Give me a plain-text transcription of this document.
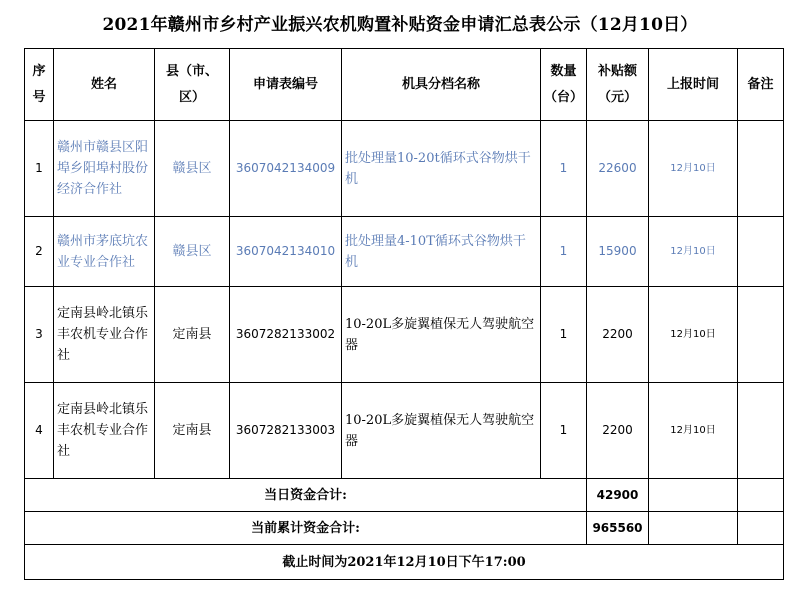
2021年赣州市乡村产业振兴农机购置补贴资金申请汇总表公示（12月10日）
序号	姓名	县（市、区）	申请表编号	机具分档名称	数量（台）	补贴额（元）	上报时间	备注
1	赣州市赣县区阳埠乡阳埠村股份经济合作社	赣县区	3607042134009	批处理量10-20t循环式谷物烘干机	1	22600	12月10日	
2	赣州市茅底坑农业专业合作社	赣县区	3607042134010	批处理量4-10T循环式谷物烘干机	1	15900	12月10日	
3	定南县岭北镇乐丰农机专业合作社	定南县	3607282133002	10-20L多旋翼植保无人驾驶航空器	1	2200	12月10日	
4	定南县岭北镇乐丰农机专业合作社	定南县	3607282133003	10-20L多旋翼植保无人驾驶航空器	1	2200	12月10日	
当日资金合计:						42900		
当前累计资金合计:						965560		
截止时间为2021年12月10日下午17:00								
